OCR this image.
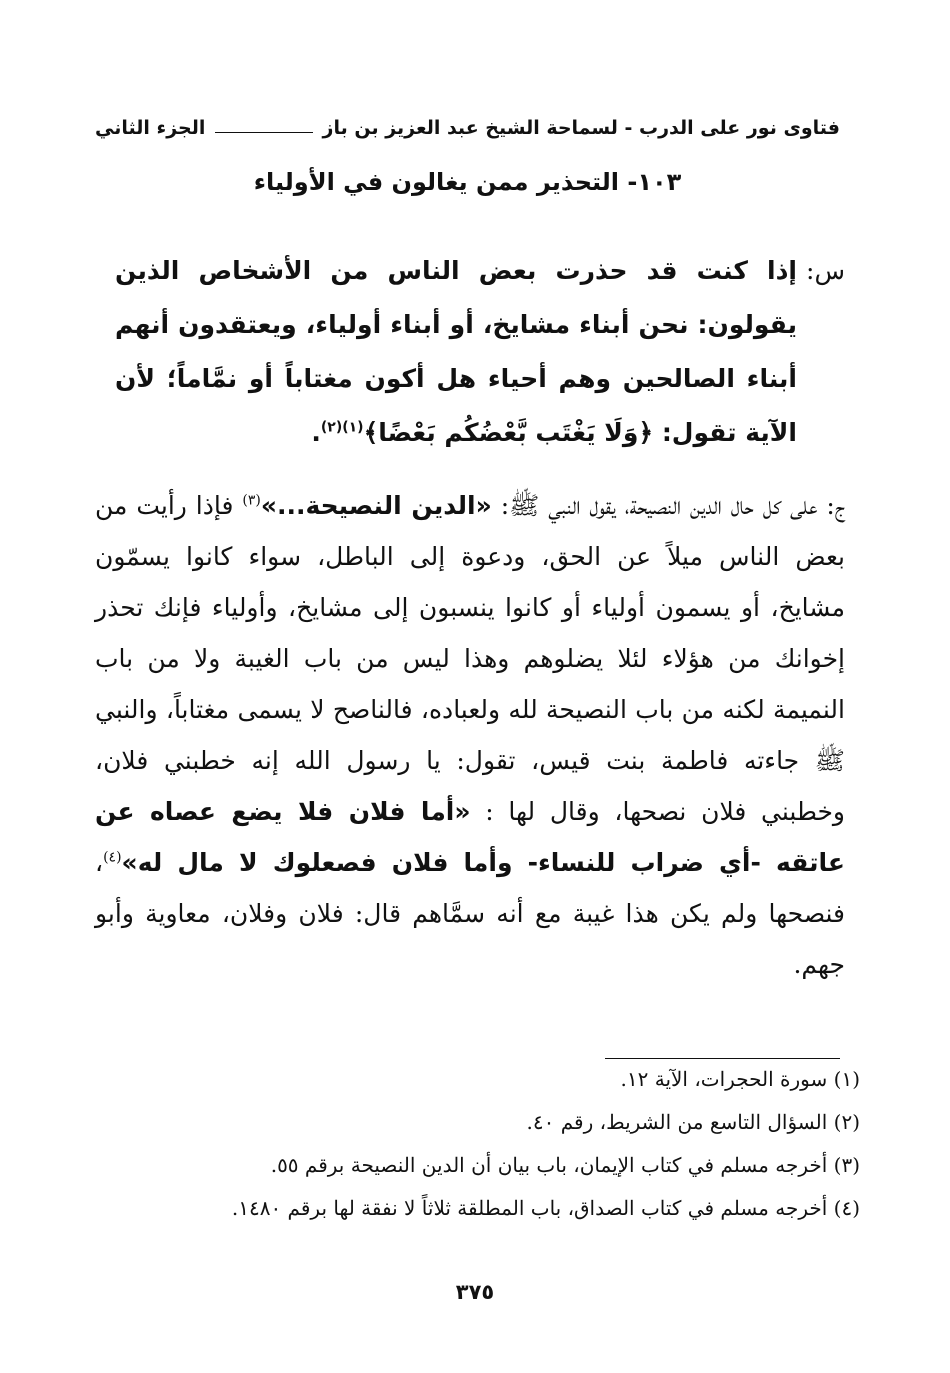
فتاوى نور على الدرب - لسماحة الشيخ عبد العزيز بن باز
الجزء الثاني
١٠٣- التحذير ممن يغالون في الأولياء
س:
إذا كنت قد حذرت بعض الناس من الأشخاص الذين يقولون: نحن أبناء مشايخ، أو أبناء أولياء، ويعتقدون أنهم أبناء الصالحين وهم أحياء هل أكون مغتاباً أو نمَّاماً؛ لأن الآية تقول: ﴿وَلَا يَغْتَب بَّعْضُكُم بَعْضًا﴾$^{(١)(٢)}$.
ج: على كل حال الدين النصيحة، يقول النبي ﷺ: «الدين النصيحة...»$^{(٣)}$ فإذا رأيت من بعض الناس ميلاً عن الحق، ودعوة إلى الباطل، سواء كانوا يسمّون مشايخ، أو يسمون أولياء أو كانوا ينسبون إلى مشايخ، وأولياء فإنك تحذر إخوانك من هؤلاء لئلا يضلوهم وهذا ليس من باب الغيبة ولا من باب النميمة لكنه من باب النصيحة لله ولعباده، فالناصح لا يسمى مغتاباً، والنبي ﷺ جاءته فاطمة بنت قيس، تقول: يا رسول الله إنه خطبني فلان، وخطبني فلان نصحها، وقال لها : «أما فلان فلا يضع عصاه عن عاتقه -أي ضراب للنساء- وأما فلان فصعلوك لا مال له»$^{(٤)}$، فنصحها ولم يكن هذا غيبة مع أنه سمَّاهم قال: فلان وفلان، معاوية وأبو جهم.
(١) سورة الحجرات، الآية ١٢.
(٢) السؤال التاسع من الشريط، رقم ٤٠.
(٣) أخرجه مسلم في كتاب الإيمان، باب بيان أن الدين النصيحة برقم ٥٥.
(٤) أخرجه مسلم في كتاب الصداق، باب المطلقة ثلاثاً لا نفقة لها برقم ١٤٨٠.
٣٧٥
